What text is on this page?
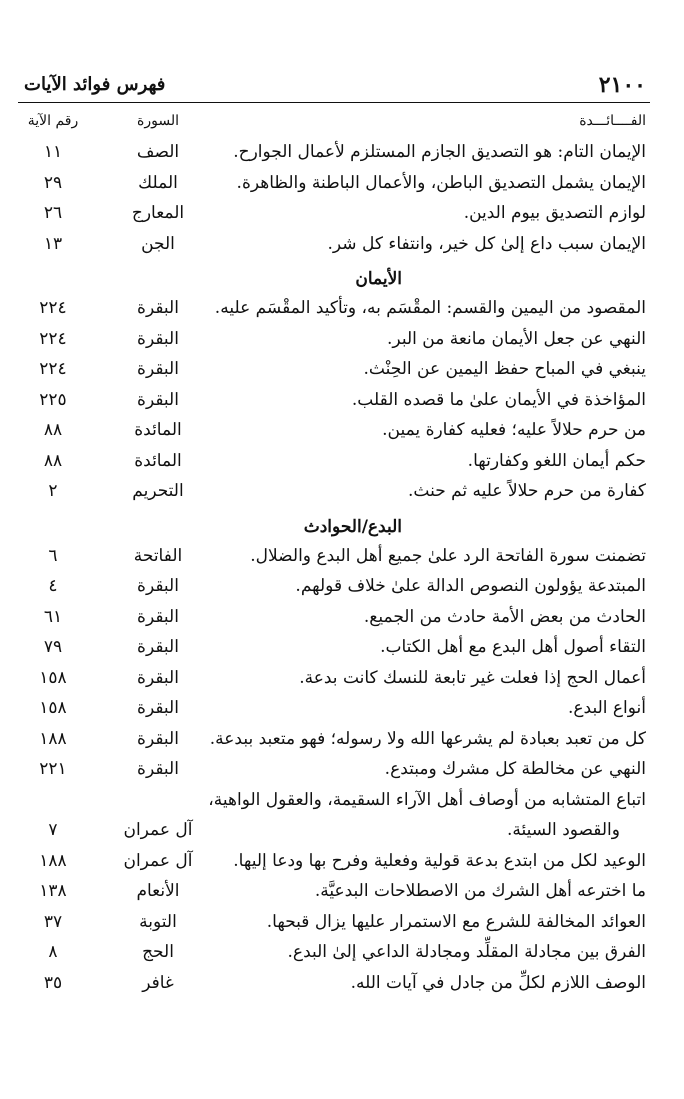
٢١٠٠
فهرس فوائد الآيات
الفــــائـــدة
السورة
رقم الآية
الإيمان التام: هو التصديق الجازم المستلزم لأعمال الجوارح.
الصف
١١
الإيمان يشمل التصديق الباطن، والأعمال الباطنة والظاهرة.
الملك
٢٩
لوازم التصديق بيوم الدين.
المعارج
٢٦
الإيمان سبب داع إلىٰ كل خير، وانتفاء كل شر.
الجن
١٣
الأيمان
المقصود من اليمين والقسم: المقْسَم به، وتأكيد المقْسَم عليه.
البقرة
٢٢٤
النهي عن جعل الأيمان مانعة من البر.
البقرة
٢٢٤
ينبغي في المباح حفظ اليمين عن الحِنْث.
البقرة
٢٢٤
المؤاخذة في الأيمان علىٰ ما قصده القلب.
البقرة
٢٢٥
من حرم حلالاً عليه؛ فعليه كفارة يمين.
المائدة
٨٨
حكم أيمان اللغو وكفارتها.
المائدة
٨٨
كفارة من حرم حلالاً عليه ثم حنث.
التحريم
٢
البدع/الحوادث
تضمنت سورة الفاتحة الرد علىٰ جميع أهل البدع والضلال.
الفاتحة
٦
المبتدعة يؤولون النصوص الدالة علىٰ خلاف قولهم.
البقرة
٤
الحادث من بعض الأمة حادث من الجميع.
البقرة
٦١
التقاء أصول أهل البدع مع أهل الكتاب.
البقرة
٧٩
أعمال الحج إذا فعلت غير تابعة للنسك كانت بدعة.
البقرة
١٥٨
أنواع البدع.
البقرة
١٥٨
كل من تعبد بعبادة لم يشرعها الله ولا رسوله؛ فهو متعبد ببدعة.
البقرة
١٨٨
النهي عن مخالطة كل مشرك ومبتدع.
البقرة
٢٢١
اتباع المتشابه من أوصاف أهل الآراء السقيمة، والعقول الواهية،
والقصود السيئة.
آل عمران
٧
الوعيد لكل من ابتدع بدعة قولية وفعلية وفرح بها ودعا إليها.
آل عمران
١٨٨
ما اخترعه أهل الشرك من الاصطلاحات البدعيَّة.
الأنعام
١٣٨
العوائد المخالفة للشرع مع الاستمرار عليها يزال قبحها.
التوبة
٣٧
الفرق بين مجادلة المقلِّد ومجادلة الداعي إلىٰ البدع.
الحج
٨
الوصف اللازم لكلِّ من جادل في آيات الله.
غافر
٣٥
